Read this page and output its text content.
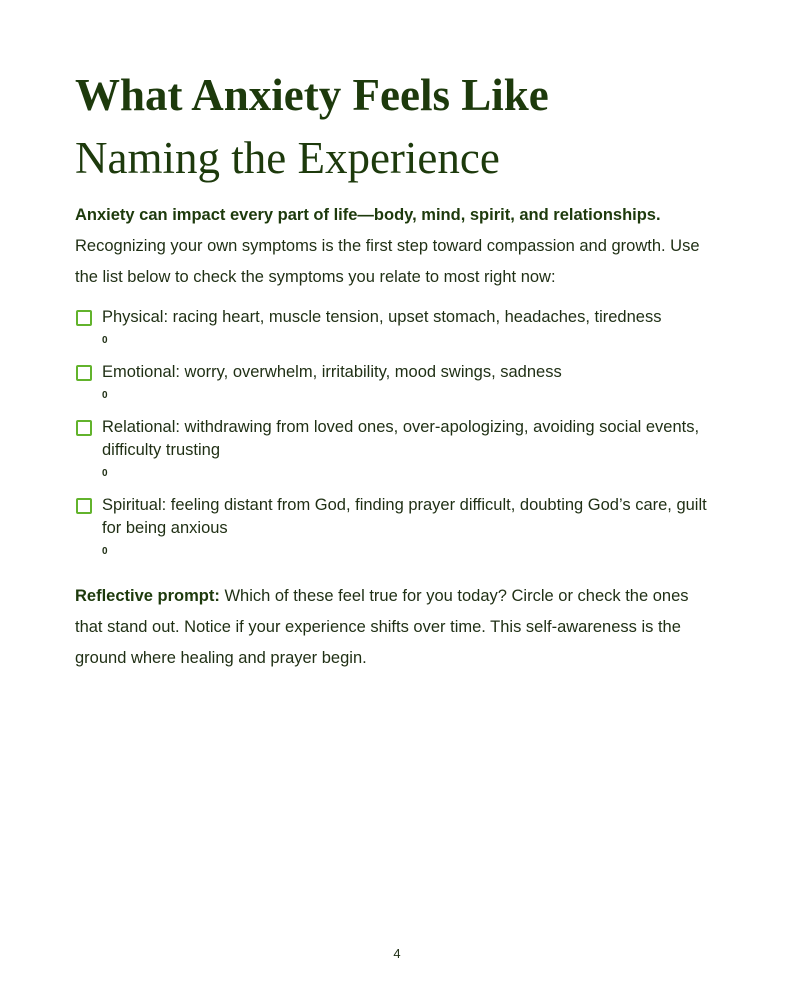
What Anxiety Feels Like
Naming the Experience

Anxiety can impact every part of life—body, mind, spirit, and relationships. Recognizing your own symptoms is the first step toward compassion and growth. Use the list below to check the symptoms you relate to most right now:

Physical: racing heart, muscle tension, upset stomach, headaches, tiredness
0
Emotional: worry, overwhelm, irritability, mood swings, sadness
0
Relational: withdrawing from loved ones, over-apologizing, avoiding social events, difficulty trusting
0
Spiritual: feeling distant from God, finding prayer difficult, doubting God’s care, guilt for being anxious
0

Reflective prompt: Which of these feel true for you today? Circle or check the ones that stand out. Notice if your experience shifts over time. This self-awareness is the ground where healing and prayer begin.

4
